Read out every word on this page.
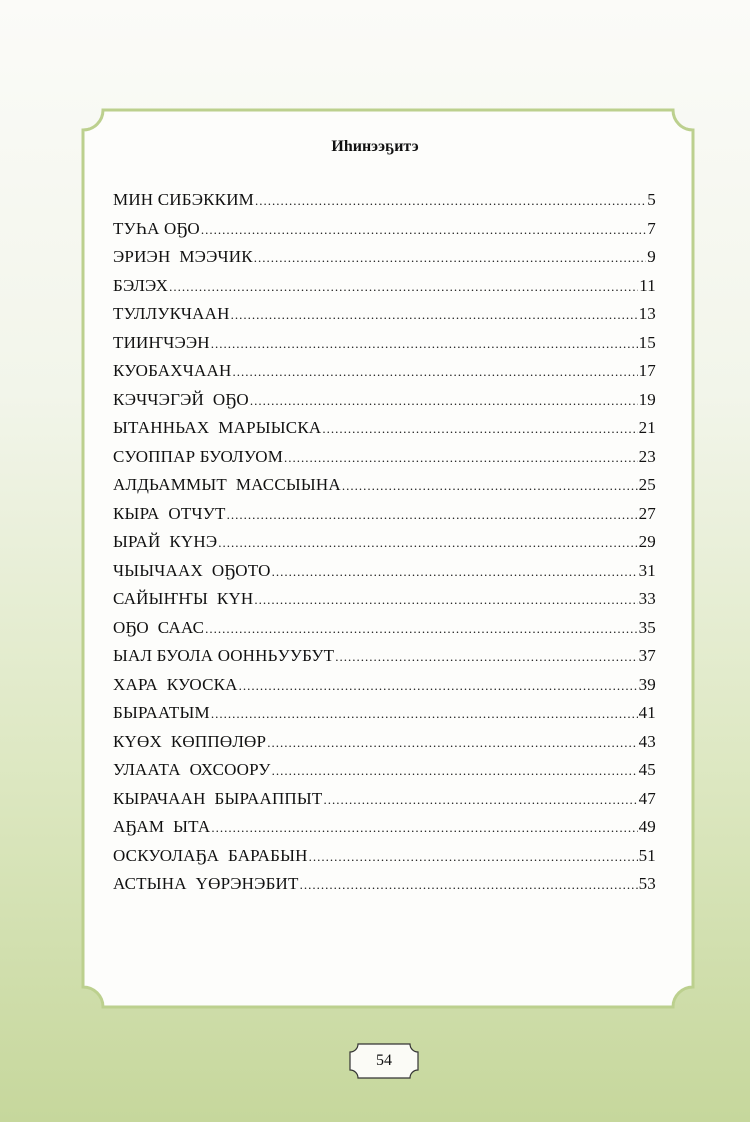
Иhинээҕитэ
МИН СИБЭККИМ .....	5
ТУҺА ОҔО .....	7
ЭРИЭН  МЭЭЧИК .....	9
БЭЛЭХ .....	11
ТУЛЛУКЧААН .....	13
ТИИҤЧЭЭН .....	15
КУОБАХЧААН .....	17
КЭЧЧЭГЭЙ  ОҔО .....	19
ЫТАННЬАХ  МАРЫЫСКА .....	21
СУОППАР БУОЛУОМ .....	23
АЛДЬАММЫТ  МАССЫЫНА .....	25
КЫРА  ОТЧУТ .....	27
ЫРАЙ  КҮНЭ .....	29
ЧЫЫЧААХ  ОҔОТО .....	31
САЙЫҤҤЫ  КҮН .....	33
ОҔО  СААС .....	35
ЫАЛ БУОЛА ООННЬУУБУТ .....	37
ХАРА  КУОСКА .....	39
БЫРААТЫМ .....	41
КҮӨХ  КӨППӨЛӨР .....	43
УЛААТА  ОХСООРУ .....	45
КЫРАЧААН  БЫРААППЫТ .....	47
АҔАМ  ЫТА .....	49
ОСКУОЛАҔА  БАРАБЫН .....	51
АСТЫНА  ҮӨРЭНЭБИТ .....	53
54
